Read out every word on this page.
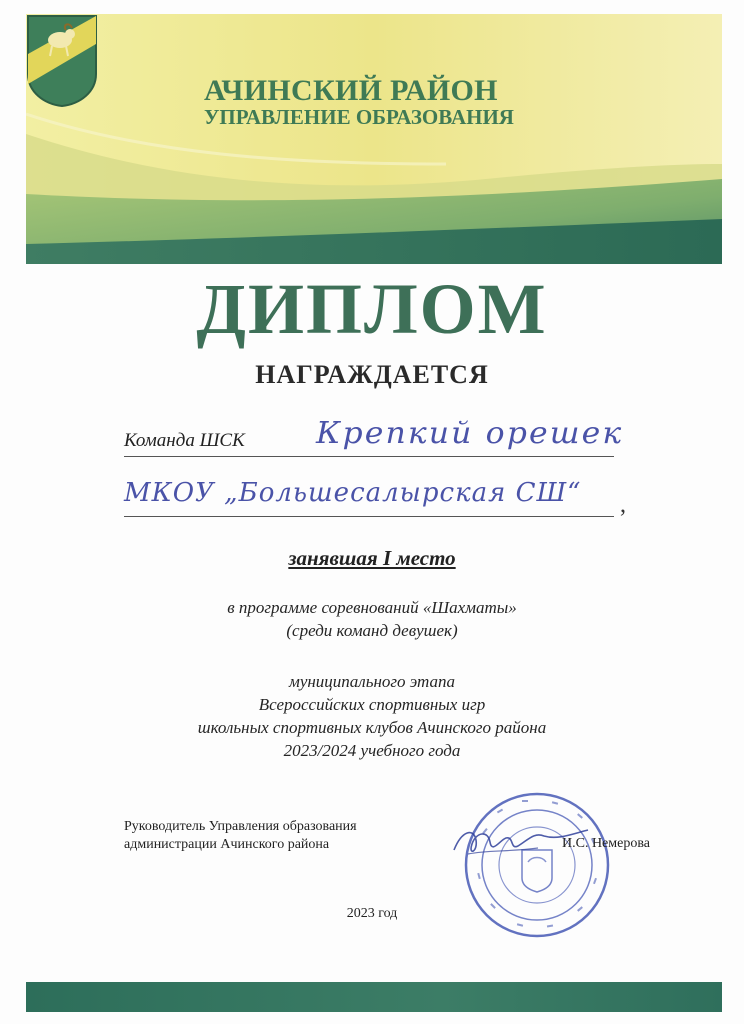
АЧИНСКИЙ РАЙОН
УПРАВЛЕНИЕ ОБРАЗОВАНИЯ
ДИПЛОМ
НАГРАЖДАЕТСЯ
Команда ШСК Крепкий орешек
МКОУ „Большесалырская СШ“ ,
занявшая I место
в программе соревнований «Шахматы»
(среди команд девушек)
муниципального этапа
Всероссийских спортивных игр
школьных спортивных клубов Ачинского района
2023/2024 учебного года
Руководитель Управления образования
администрации Ачинского района	И.С. Немерова
2023 год
